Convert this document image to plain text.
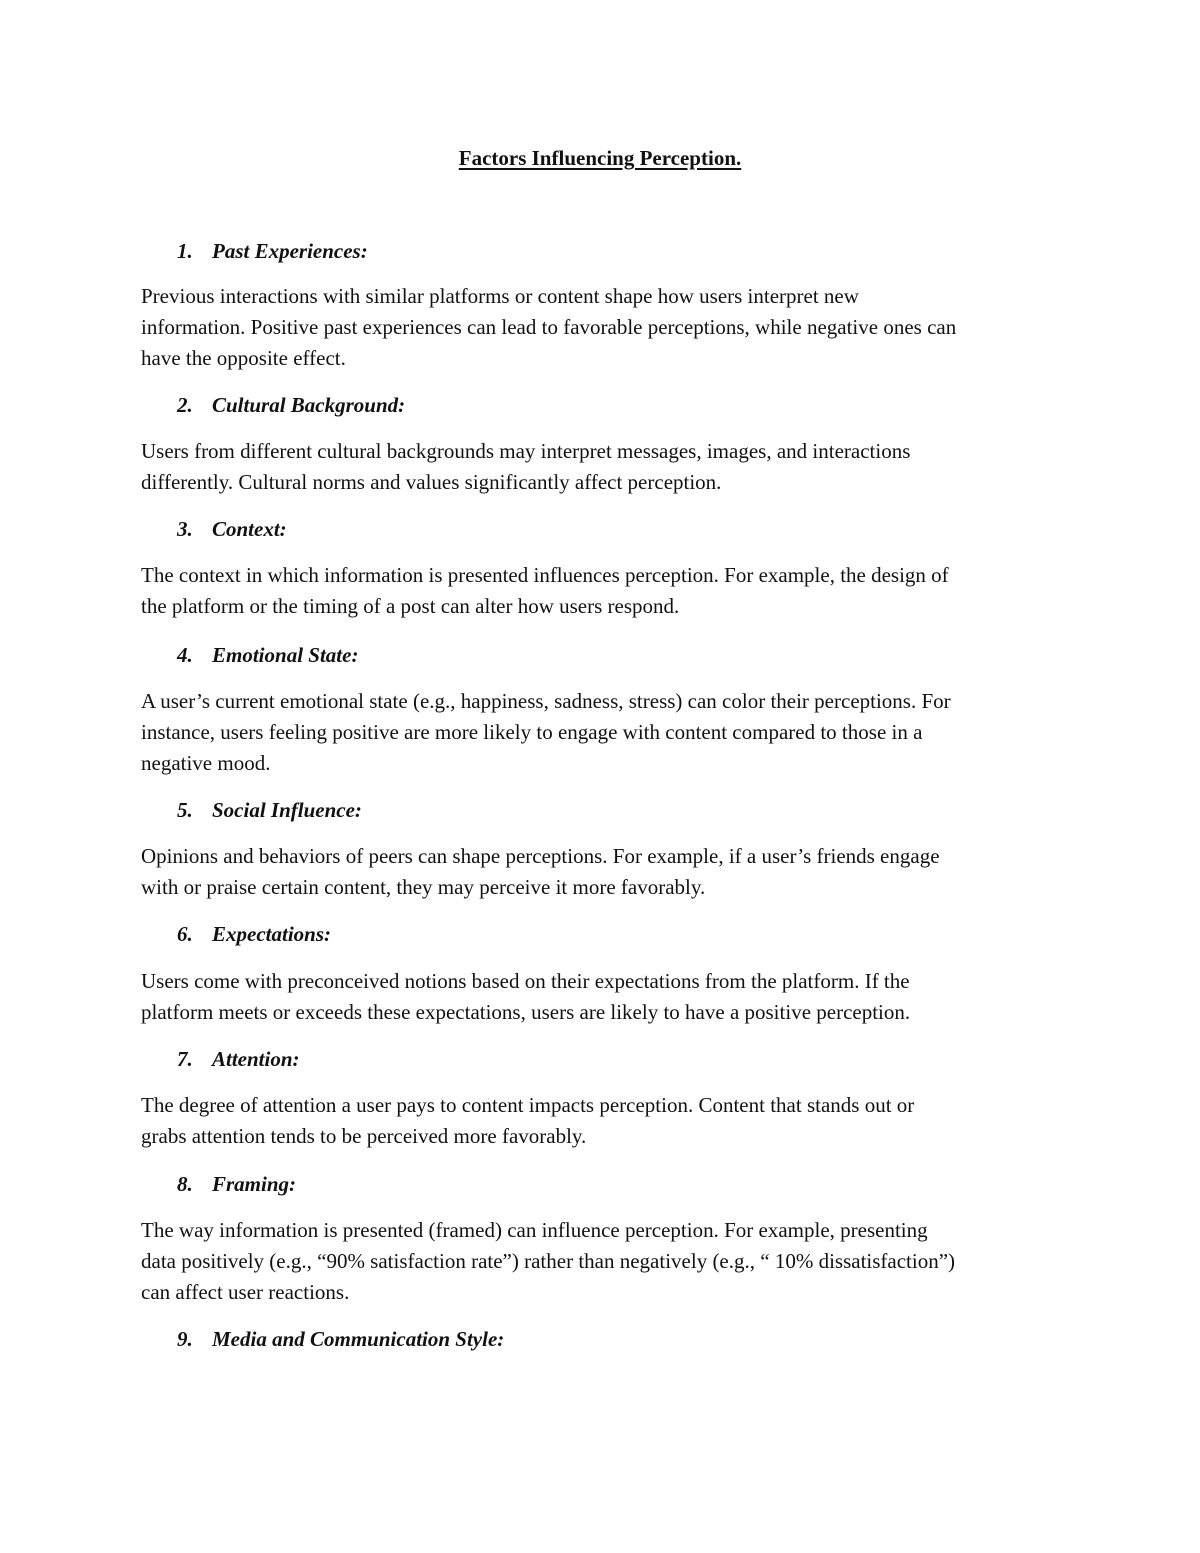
Factors Influencing Perception.
1. Past Experiences:
Previous interactions with similar platforms or content shape how users interpret new
information. Positive past experiences can lead to favorable perceptions, while negative ones can
have the opposite effect.
2. Cultural Background:
Users from different cultural backgrounds may interpret messages, images, and interactions
differently. Cultural norms and values significantly affect perception.
3. Context:
The context in which information is presented influences perception. For example, the design of
the platform or the timing of a post can alter how users respond.
4. Emotional State:
A user’s current emotional state (e.g., happiness, sadness, stress) can color their perceptions. For
instance, users feeling positive are more likely to engage with content compared to those in a
negative mood.
5. Social Influence:
Opinions and behaviors of peers can shape perceptions. For example, if a user’s friends engage
with or praise certain content, they may perceive it more favorably.
6. Expectations:
Users come with preconceived notions based on their expectations from the platform. If the
platform meets or exceeds these expectations, users are likely to have a positive perception.
7. Attention:
The degree of attention a user pays to content impacts perception. Content that stands out or
grabs attention tends to be perceived more favorably.
8. Framing:
The way information is presented (framed) can influence perception. For example, presenting
data positively (e.g., “90% satisfaction rate”) rather than negatively (e.g., “ 10% dissatisfaction”)
can affect user reactions.
9. Media and Communication Style:
